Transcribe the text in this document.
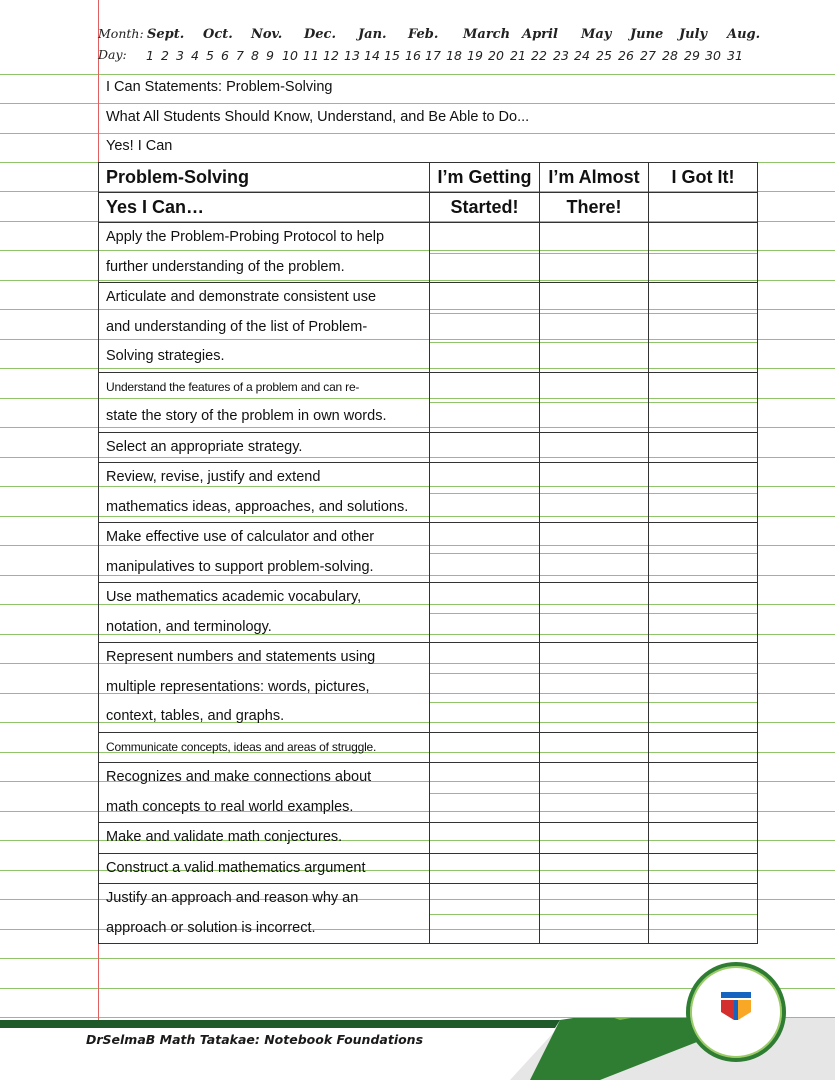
Month:
Day:
Sept. Oct. Nov. Dec. Jan. Feb. March April May June July Aug.
1 2 3 4 5 6 7 8 9 10 11 12 13 14 15 16 17 18 19 20 21 22 23 24 25 26 27 28 29 30 31
I Can Statements: Problem-Solving
What All Students Should Know, Understand, and Be Able to Do...
Yes! I Can
Problem-Solving	I’m Getting	I’m Almost	I Got It!
Yes I Can…	Started!	There!	

Apply the Problem-Probing Protocol to help
further understanding of the problem.			

Articulate and demonstrate consistent use
and understanding of the list of Problem-
Solving strategies.			

Understand the features of a problem and can re-
state the story of the problem in own words.			

Select an appropriate strategy.			

Review, revise, justify and extend
mathematics ideas, approaches, and solutions.			

Make effective use of calculator and other
manipulatives to support problem-solving.			

Use mathematics academic vocabulary,
notation, and terminology.			

Represent numbers and statements using
multiple representations: words, pictures,
context, tables, and graphs.			

Communicate concepts, ideas and areas of struggle.			

Recognizes and make connections about
math concepts to real world examples.			

Make and validate math conjectures.			

Construct a valid mathematics argument			

Justify an approach and reason why an
approach or solution is incorrect.			

DrSelmaB Math Tatakae: Notebook Foundations
